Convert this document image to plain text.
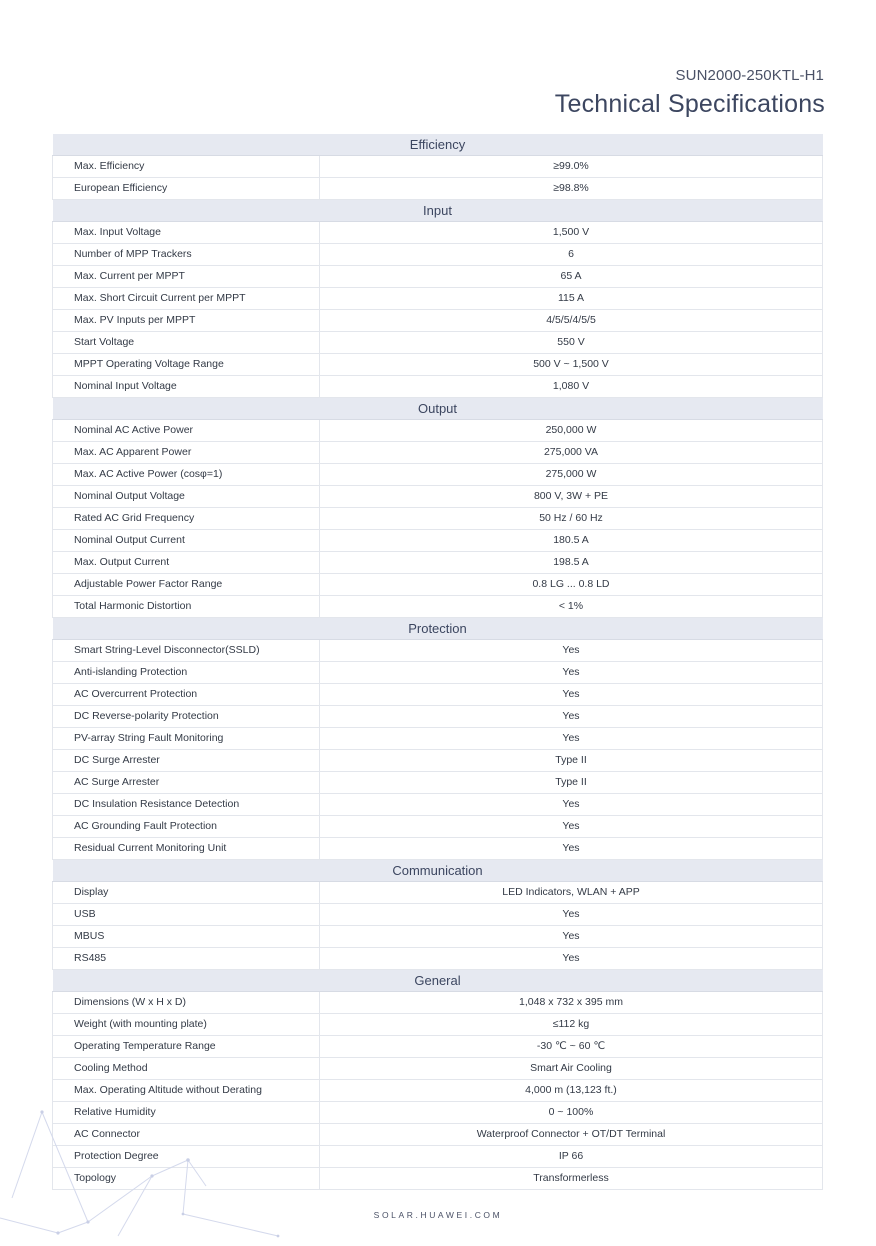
SUN2000-250KTL-H1
Technical Specifications
Efficiency	
Max. Efficiency	≥99.0%
European Efficiency	≥98.8%
Input	
Max. Input Voltage	1,500 V
Number of MPP Trackers	6
Max. Current per MPPT	65 A
Max. Short Circuit Current per MPPT	115 A
Max. PV Inputs per MPPT	4/5/5/4/5/5
Start Voltage	550 V
MPPT Operating Voltage Range	500 V ~ 1,500 V
Nominal Input Voltage	1,080 V
Output	
Nominal AC Active Power	250,000 W
Max. AC Apparent Power	275,000 VA
Max. AC Active Power (cosφ=1)	275,000 W
Nominal Output Voltage	800 V, 3W + PE
Rated AC Grid Frequency	50 Hz / 60 Hz
Nominal Output Current	180.5 A
Max. Output Current	198.5 A
Adjustable Power Factor Range	0.8 LG ... 0.8 LD
Total Harmonic Distortion	< 1%
Protection	
Smart String-Level Disconnector(SSLD)	Yes
Anti-islanding Protection	Yes
AC Overcurrent Protection	Yes
DC Reverse-polarity Protection	Yes
PV-array String Fault Monitoring	Yes
DC Surge Arrester	Type II
AC Surge Arrester	Type II
DC Insulation Resistance Detection	Yes
AC Grounding Fault Protection	Yes
Residual Current Monitoring Unit	Yes
Communication	
Display	LED Indicators, WLAN + APP
USB	Yes
MBUS	Yes
RS485	Yes
General	
Dimensions (W x H x D)	1,048 x 732 x 395 mm
Weight (with mounting plate)	≤112 kg
Operating Temperature Range	-30 ℃ ~ 60 ℃
Cooling Method	Smart Air Cooling
Max. Operating Altitude without Derating	4,000 m (13,123 ft.)
Relative Humidity	0 ~ 100%
AC Connector	Waterproof Connector + OT/DT Terminal
Protection Degree	IP 66
Topology	Transformerless
SOLAR.HUAWEI.COM
